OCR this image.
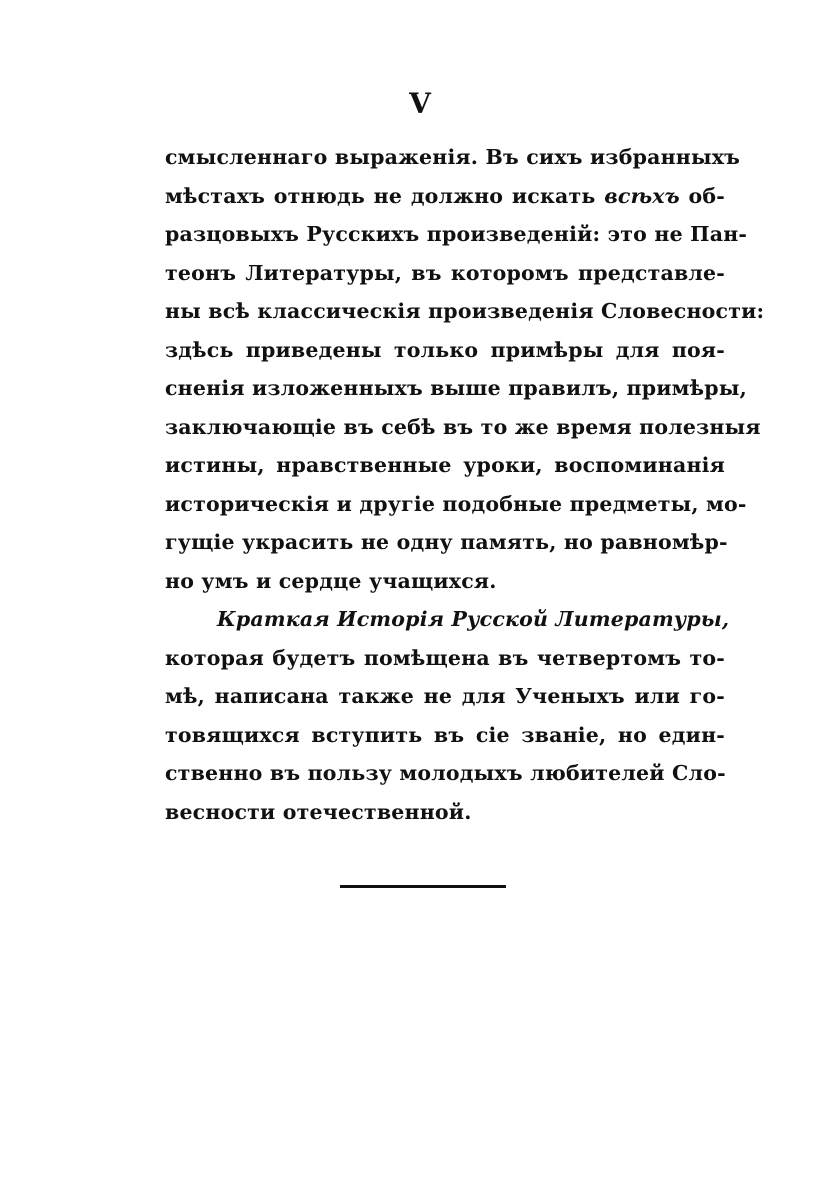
V
смысленнаго выраженія. Въ сихъ избранныхъ
мѣстахъ отнюдь не должно искать всѣхъ об-
разцовыхъ Русскихъ произведеній: это не Пан-
теонъ Литературы, въ которомъ представле-
ны всѣ классическія произведенія Словесности:
здѣсь приведены только примѣры для поя-
сненія изложенныхъ выше правилъ, примѣры,
заключающіе въ себѣ въ то же время полезныя
истины, нравственные уроки, воспоминанія
историческія и другіе подобные предметы, мо-
гущіе украсить не одну память, но равномѣр-
но умъ и сердце учащихся.
Краткая Исторія Русской Литературы,
которая будетъ помѣщена въ четвертомъ то-
мѣ, написана также не для Ученыхъ или го-
товящихся вступить въ сіе званіе, но един-
ственно въ пользу молодыхъ любителей Сло-
весности отечественной.
